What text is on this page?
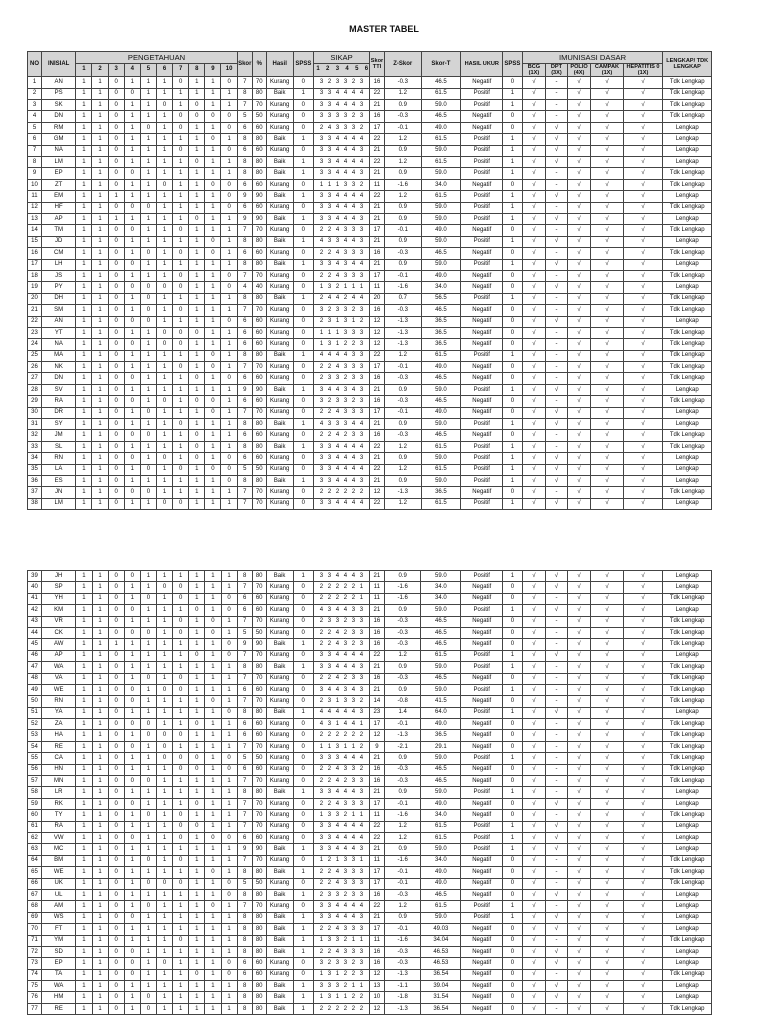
MASTER TABEL
NO	INISIAL	PENGETAHUAN										Skor	%	Hasil	SPSS	SIKAP	Skor TTI	Z-Skor	Skor-T	HASIL UKUR	SPSS	IMUNISASI DASAR					LENGKAP/ TDK LENGKAP
		1	2	3	4	5	6	7	8	9	10					1 2 3 4 5 6						BCG (1X)	DPT (3X)	POLIO (4X)	CAMPAK (1X)	HEPATITIS 0 (1X)	
1	AN	1	1	0	1	1	1	0	1	1	0	7	70	Kurang	0	3 2 3 3 2 3	16	-0.3	46.5	Negatif	0	√	-	√	√	√	Tdk Lengkap
2	PS	1	1	0	0	1	1	1	1	1	1	8	80	Baik	1	3 3 4 4 4 4	22	1.2	61.5	Positif	1	√	-	√	√	√	Tdk Lengkap
3	SK	1	1	0	1	1	0	1	0	1	1	7	70	Kurang	0	3 3 4 4 4 3	21	0.9	59.0	Positif	1	√	-	√	√	√	Tdk Lengkap
4	DN	1	1	0	1	1	1	0	0	0	0	5	50	Kurang	0	3 3 3 3 2 3	16	-0.3	46.5	Negatif	0	√	-	√	√	√	Tdk Lengkap
5	RM	1	1	0	1	0	1	0	1	1	0	6	60	Kurang	0	2 4 3 3 3 2	17	-0.1	49.0	Negatif	0	√	√	√	√	√	Lengkap
6	GM	1	1	0	1	1	1	1	1	0	1	8	80	Baik	1	3 3 4 4 4 4	22	1.2	61.5	Positif	1	√	√	√	√	√	Lengkap
7	NA	1	1	0	1	1	1	0	1	1	0	6	60	Kurang	0	3 3 4 4 4 3	21	0.9	59.0	Positif	1	√	√	√	√	√	Lengkap
8	LM	1	1	0	1	1	1	1	0	1	1	8	80	Baik	1	3 3 4 4 4 4	22	1.2	61.5	Positif	1	√	√	√	√	√	Lengkap
9	EP	1	1	0	0	1	1	1	1	1	1	8	80	Baik	1	3 3 4 4 4 3	21	0.9	59.0	Positif	1	√	-	√	√	√	Tdk Lengkap
10	ZT	1	1	0	1	1	0	1	1	0	0	6	60	Kurang	0	1 1 1 3 3 2	11	-1.6	34.0	Negatif	0	√	-	√	√	√	Tdk Lengkap
11	EM	1	1	1	1	1	1	1	1	1	0	9	90	Baik	1	3 3 4 4 4 4	22	1.2	61.5	Positif	1	√	√	√	√	√	Lengkap
12	HF	1	1	0	0	0	1	1	1	1	0	6	60	Kurang	0	3 3 4 4 4 3	21	0.9	59.0	Positif	1	√	-	√	√	√	Tdk Lengkap
13	AP	1	1	1	1	1	1	1	0	1	1	9	90	Baik	1	3 3 4 4 4 3	21	0.9	59.0	Positif	1	√	√	√	√	√	Lengkap
14	TM	1	1	0	0	1	1	0	1	1	1	7	70	Kurang	0	2 2 4 3 3 3	17	-0.1	49.0	Negatif	0	√	-	√	√	√	Tdk Lengkap
15	JD	1	1	0	1	1	1	1	1	0	1	8	80	Baik	1	4 3 3 4 4 3	21	0.9	59.0	Positif	1	√	√	√	√	√	Lengkap
16	CM	1	1	0	1	0	1	0	1	0	1	6	60	Kurang	0	2 2 4 3 3 3	16	-0.3	46.5	Negatif	0	√	-	√	√	√	Tdk Lengkap
17	LH	1	1	0	0	1	1	1	1	1	1	8	80	Baik	1	3 3 4 3 4 4	21	0.9	59.0	Positif	1	√	√	√	√	√	Lengkap
18	JS	1	1	0	1	1	1	0	1	1	0	7	70	Kurang	0	2 2 4 3 3 3	17	-0.1	49.0	Negatif	0	√	-	√	√	√	Tdk Lengkap
19	PY	1	1	0	0	0	0	0	1	1	0	4	40	Kurang	0	1 3 2 1 1 1	11	-1.6	34.0	Negatif	0	√	√	√	√	√	Lengkap
20	DH	1	1	0	1	0	1	1	1	1	1	8	80	Baik	1	2 4 4 2 4 4	20	0.7	56.5	Positif	1	√	-	√	√	√	Tdk Lengkap
21	SM	1	1	0	1	0	1	0	1	1	1	7	70	Kurang	0	3 2 3 3 2 3	16	-0.3	46.5	Negatif	0	√	-	√	√	√	Tdk Lengkap
22	AN	1	1	0	0	0	1	1	1	1	0	6	60	Kurang	0	2 3 1 3 1 2	12	-1.3	36.5	Negatif	0	√	√	√	√	√	Lengkap
23	YT	1	1	0	1	1	0	0	0	1	1	6	60	Kurang	0	1 1 1 3 3 3	12	-1.3	36.5	Negatif	0	√	-	√	√	√	Tdk Lengkap
24	NA	1	1	0	0	1	0	0	1	1	1	6	60	Kurang	0	1 3 1 2 2 3	12	-1.3	36.5	Negatif	0	√	-	√	√	√	Tdk Lengkap
25	MA	1	1	0	1	1	1	1	1	0	1	8	80	Baik	1	4 4 4 4 3 3	22	1.2	61.5	Positif	1	√	-	√	√	√	Tdk Lengkap
26	NK	1	1	0	1	1	1	0	1	0	1	7	70	Kurang	0	2 2 4 3 3 3	17	-0.1	49.0	Negatif	0	√	-	√	√	√	Tdk Lengkap
27	DN	1	1	0	0	1	1	1	0	1	0	6	60	Kurang	0	2 3 3 2 3 3	16	-0.3	46.5	Negatif	0	√	-	√	√	√	Tdk Lengkap
28	SV	1	1	0	1	1	1	1	1	1	1	9	90	Baik	1	3 4 4 3 4 3	21	0.9	59.0	Positif	1	√	√	√	√	√	Lengkap
29	RA	1	1	0	0	1	0	1	0	0	1	6	60	Kurang	0	3 2 3 3 2 3	16	-0.3	46.5	Negatif	0	√	-	√	√	√	Tdk Lengkap
30	DR	1	1	0	1	0	1	1	1	0	1	7	70	Kurang	0	2 2 4 3 3 3	17	-0.1	49.0	Negatif	0	√	√	√	√	√	Lengkap
31	SY	1	1	0	1	1	1	0	1	1	1	8	80	Baik	1	4 3 3 3 4 4	21	0.9	59.0	Positif	1	√	√	√	√	√	Lengkap
32	JM	1	1	0	0	0	1	1	0	1	1	6	60	Kurang	0	2 2 4 2 3 3	16	-0.3	46.5	Negatif	0	√	-	√	√	√	Tdk Lengkap
33	SL	1	1	0	1	1	1	1	0	1	1	8	80	Baik	1	3 3 4 4 4 4	22	1.2	61.5	Positif	1	√	-	√	√	√	Tdk Lengkap
34	RN	1	1	0	0	1	0	1	0	1	0	6	60	Kurang	0	3 3 4 4 4 3	21	0.9	59.0	Positif	1	√	√	√	√	√	Lengkap
35	LA	1	1	0	1	0	1	0	1	0	0	5	50	Kurang	0	3 3 4 4 4 4	22	1.2	61.5	Positif	1	√	√	√	√	√	Lengkap
36	ES	1	1	0	1	1	1	1	1	1	0	8	80	Baik	1	3 3 4 4 4 3	21	0.9	59.0	Positif	1	√	√	√	√	√	Lengkap
37	JN	1	1	0	0	0	1	1	1	1	1	7	70	Kurang	0	2 2 2 2 2 2	12	-1.3	36.5	Negatif	0	√	-	√	√	√	Tdk Lengkap
38	LM	1	1	0	1	1	0	0	1	1	1	7	70	Kurang	0	3 3 4 4 4 4	22	1.2	61.5	Positif	1	√	√	√	√	√	Lengkap
39	JH	1	1	0	0	1	1	1	1	1	1	8	80	Baik	1	3 3 4 4 4 3	21	0.9	59.0	Positif	1	√	√	√	√	√	Lengkap
40	SP	1	1	0	1	1	0	0	1	1	1	7	70	Kurang	0	2 2 2 2 2 1	11	-1.6	34.0	Negatif	0	√	√	√	√	√	Lengkap
41	YH	1	1	0	1	0	1	0	1	1	0	6	60	Kurang	0	2 2 2 2 2 1	11	-1.6	34.0	Negatif	0	√	-	√	√	√	Tdk Lengkap
42	KM	1	1	0	0	1	1	1	0	1	0	6	60	Kurang	0	4 3 4 4 3 3	21	0.9	59.0	Positif	1	√	√	√	√	√	Lengkap
43	VR	1	1	0	1	1	1	0	1	0	1	7	70	Kurang	0	2 3 3 2 3 3	16	-0.3	46.5	Negatif	0	√	-	√	√	√	Tdk Lengkap
44	CK	1	1	0	0	0	1	0	1	0	1	5	50	Kurang	0	2 2 4 2 3 3	16	-0.3	46.5	Negatif	0	√	-	√	√	√	Tdk Lengkap
45	AW	1	1	1	1	1	1	1	1	1	0	9	90	Baik	1	2 2 4 3 2 3	16	-0.3	46.5	Negatif	0	√	-	√	√	√	Tdk Lengkap
46	AP	1	1	0	1	1	1	1	0	1	0	7	70	Kurang	0	3 3 4 4 4 4	22	1.2	61.5	Positif	1	√	√	√	√	√	Lengkap
47	WA	1	1	0	1	1	1	1	1	1	1	8	80	Baik	1	3 3 4 4 4 3	21	0.9	59.0	Positif	1	√	-	√	√	√	Tdk Lengkap
48	VA	1	1	0	1	0	1	0	1	1	1	7	70	Kurang	0	2 2 4 2 3 3	16	-0.3	46.5	Negatif	0	√	-	√	√	√	Tdk Lengkap
49	WE	1	1	0	0	1	0	0	1	1	1	6	60	Kurang	0	3 4 4 3 4 3	21	0.9	59.0	Positif	1	√	-	√	√	√	Tdk Lengkap
50	RN	1	1	0	0	1	1	1	1	0	1	7	70	Kurang	0	2 3 1 3 3 2	14	-0.8	41.5	Negatif	0	√	-	√	√	√	Tdk Lengkap
51	YA	1	1	0	1	1	1	1	1	1	0	8	80	Baik	1	4 4 4 4 4 3	23	1.4	64.0	Positif	1	√	√	√	√	√	Lengkap
52	ZA	1	1	0	0	0	1	1	0	1	1	6	60	Kurang	0	4 3 1 4 4 1	17	-0.1	49.0	Negatif	0	√	-	√	√	√	Tdk Lengkap
53	HA	1	1	0	1	0	0	0	1	1	1	6	60	Kurang	0	2 2 2 2 2 2	12	-1.3	36.5	Negatif	0	√	-	√	√	√	Tdk Lengkap
54	RE	1	1	0	0	1	0	1	1	1	1	7	70	Kurang	0	1 1 3 1 1 2	9	-2.1	29.1	Negatif	0	√	-	√	√	√	Tdk Lengkap
55	CA	1	1	0	1	1	0	0	0	1	0	5	50	Kurang	0	3 3 3 4 4 4	21	0.9	59.0	Positif	1	√	-	√	√	√	Tdk Lengkap
56	HN	1	1	0	1	1	1	0	0	1	0	6	60	Kurang	0	2 2 4 3 3 2	16	-0.3	46.5	Negatif	0	√	-	√	√	√	Tdk Lengkap
57	MN	1	1	0	0	0	1	1	1	1	1	7	70	Kurang	0	2 2 4 2 3 3	16	-0.3	46.5	Negatif	0	√	-	√	√	√	Tdk Lengkap
58	LR	1	1	0	1	1	1	1	1	1	1	8	80	Baik	1	3 3 4 4 4 3	21	0.9	59.0	Positif	1	√	-	√	√	√	Lengkap
59	RK	1	1	0	0	1	1	1	0	1	1	7	70	Kurang	0	2 2 4 3 3 3	17	-0.1	49.0	Negatif	0	√	√	√	√	√	Lengkap
60	TY	1	1	0	1	0	1	0	1	1	1	7	70	Kurang	0	1 3 3 2 1 1	11	-1.6	34.0	Negatif	0	√	-	√	√	√	Tdk Lengkap
61	RA	1	1	0	1	1	1	0	0	1	1	7	70	Kurang	0	3 3 4 4 4 4	22	1.2	61.5	Positif	1	√	√	√	√	√	Lengkap
62	VW	1	1	0	0	1	1	0	1	0	0	6	60	Kurang	0	3 3 4 4 4 4	22	1.2	61.5	Positif	1	√	√	√	√	√	Lengkap
63	MC	1	1	0	1	1	1	1	1	1	1	9	90	Baik	1	3 3 4 4 4 3	21	0.9	59.0	Positif	1	√	√	√	√	√	Lengkap
64	BM	1	1	0	1	0	1	0	1	1	1	7	70	Kurang	0	1 2 1 3 3 1	11	-1.6	34.0	Negatif	0	√	-	√	√	√	Tdk Lengkap
65	WE	1	1	0	1	1	1	1	1	0	1	8	80	Baik	1	2 2 4 3 3 3	17	-0.1	49.0	Negatif	0	√	-	√	√	√	Tdk Lengkap
66	UK	1	1	0	1	0	0	0	1	1	0	5	50	Kurang	0	2 2 4 3 3 3	17	-0.1	49.0	Negatif	0	√	-	√	√	√	Tdk Lengkap
67	UL	1	1	0	1	1	1	1	1	1	0	8	80	Baik	1	2 3 3 2 3 3	16	-0.3	46.5	Negatif	0	√	√	√	√	√	Lengkap
68	AM	1	1	0	1	0	1	1	1	0	1	7	70	Kurang	0	3 3 4 4 4 4	22	1.2	61.5	Positif	1	√	-	√	√	√	Lengkap
69	WS	1	1	0	0	1	1	1	1	1	1	8	80	Baik	1	3 3 4 4 4 3	21	0.9	59.0	Positif	1	√	√	√	√	√	Lengkap
70	FT	1	1	0	1	1	1	1	1	1	1	8	80	Baik	1	2 2 4 3 3 3	17	-0.1	49.03	Negatif	0	√	√	√	√	√	Lengkap
71	YM	1	1	0	1	1	1	0	1	1	1	8	80	Baik	1	1 3 3 2 1 1	11	-1.6	34.04	Negatif	0	√	-	√	√	√	Tdk Lengkap
72	SD	1	1	0	0	1	1	1	1	1	1	8	80	Baik	1	2 2 4 3 3 3	16	-0.3	46.53	Negatif	0	√	√	√	√	√	Lengkap
73	EP	1	1	0	0	1	0	1	1	1	0	6	60	Kurang	0	3 2 3 3 2 3	16	-0.3	46.53	Negatif	0	√	√	√	√	√	Lengkap
74	TA	1	1	0	0	1	1	1	0	1	0	6	60	Kurang	0	1 3 1 2 2 3	12	-1.3	36.54	Negatif	0	√	-	√	√	√	Tdk Lengkap
75	WA	1	1	0	1	1	1	1	1	1	1	8	80	Baik	1	3 3 3 2 1 1	13	-1.1	39.04	Negatif	0	√	√	√	√	√	Lengkap
76	HM	1	1	0	1	0	1	1	1	1	1	8	80	Baik	1	1 3 1 1 2 2	10	-1.8	31.54	Negatif	0	√	√	√	√	√	Lengkap
77	RE	1	1	0	1	0	1	1	1	1	1	8	80	Baik	1	2 2 2 2 2 2	12	-1.3	36.54	Negatif	0	√	-	√	√	√	Tdk Lengkap
